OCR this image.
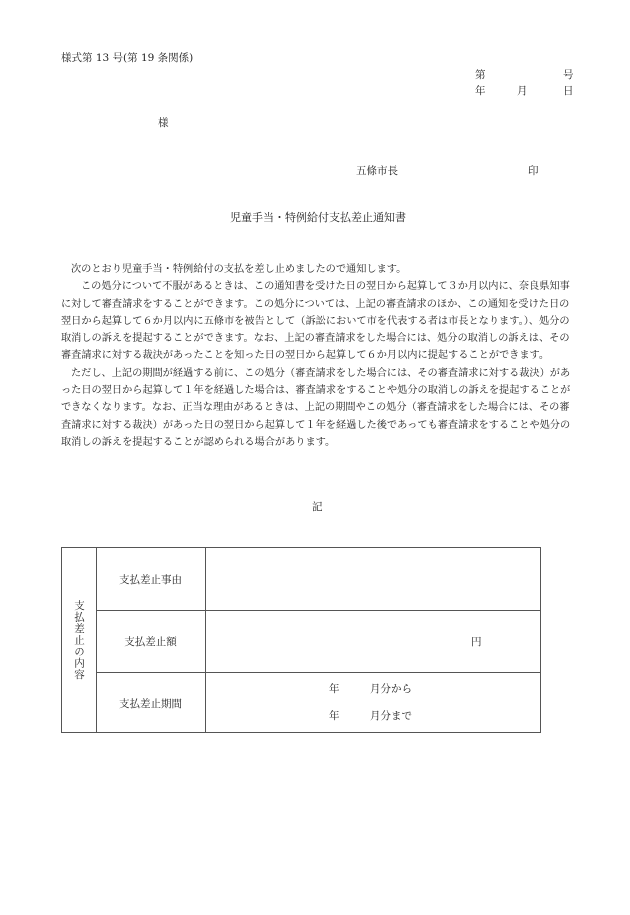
様式第 13 号(第 19 条関係)
第	号
年	月	日
様
五條市長	印
児童手当・特例給付支払差止通知書

次のとおり児童手当・特例給付の支払を差し止めましたので通知します。

この処分について不服があるときは、この通知書を受けた日の翌日から起算して３か月以内に、奈良県知事に対して審査請求をすることができます。この処分については、上記の審査請求のほか、この通知を受けた日の翌日から起算して６か月以内に五條市を被告として（訴訟において市を代表する者は市長となります。）、処分の取消しの訴えを提起することができます。なお、上記の審査請求をした場合には、処分の取消しの訴えは、その審査請求に対する裁決があったことを知った日の翌日から起算して６か月以内に提起することができます。

ただし、上記の期間が経過する前に、この処分（審査請求をした場合には、その審査請求に対する裁決）があった日の翌日から起算して１年を経過した場合は、審査請求をすることや処分の取消しの訴えを提起することができなくなります。なお、正当な理由があるときは、上記の期間やこの処分（審査請求をした場合には、その審査請求に対する裁決）があった日の翌日から起算して１年を経過した後であっても審査請求をすることや処分の取消しの訴えを提起することが認められる場合があります。

記
支払差止の内容
支払差止事由
支払差止額	円
支払差止期間
年	月分から
年	月分まで
